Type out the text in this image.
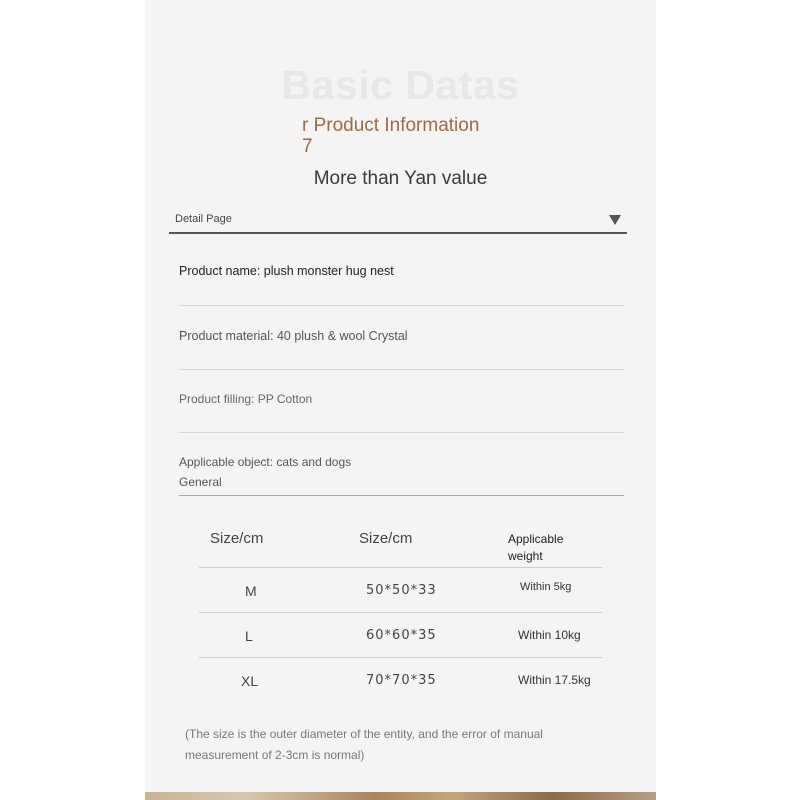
Basic Datas
r Product Information
7
More than Yan value
Detail Page
Product name: plush monster hug nest
Product material: 40 plush & wool Crystal
Product filling: PP Cotton
Applicable object: cats and dogs
General
Size/cm	Size/cm	Applicable weight
M	50*50*33	Within 5kg
L	60*60*35	Within 10kg
XL	70*70*35	Within 17.5kg
(The size is the outer diameter of the entity, and the error of manual
measurement of 2-3cm is normal)
